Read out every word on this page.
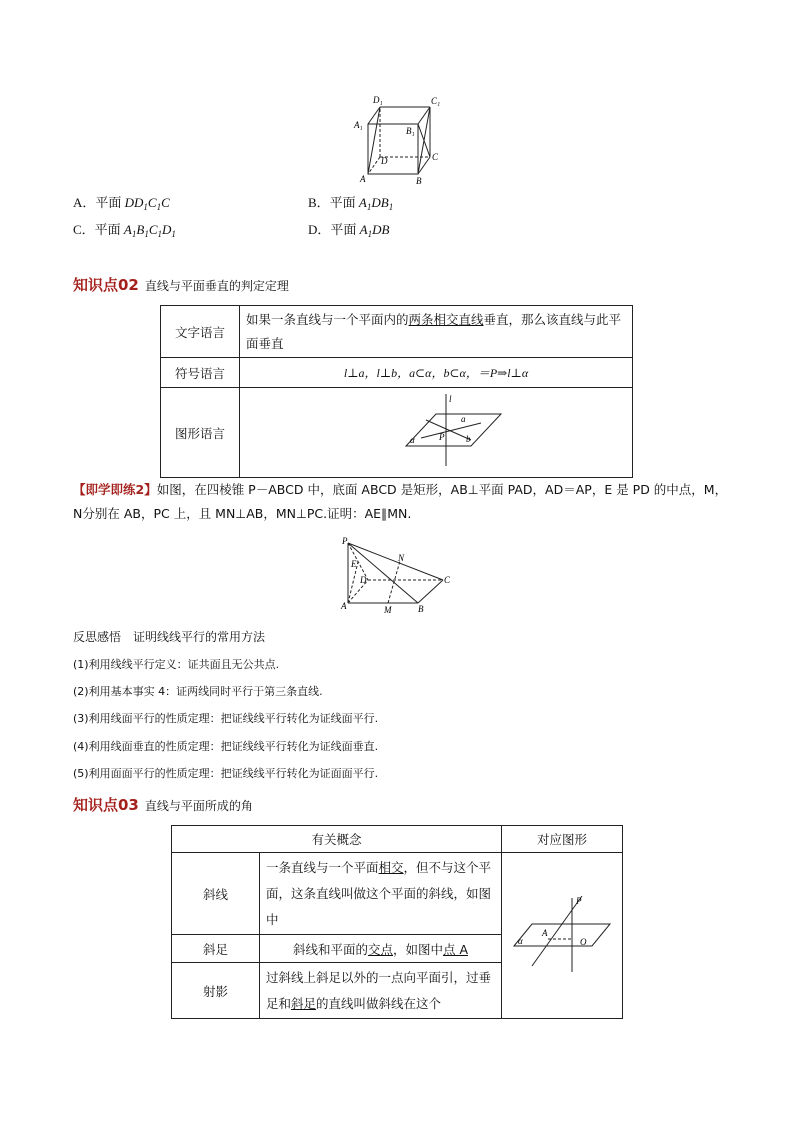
D₁	C₁
A₁
B₁
D	C
A	B
A．平面 $DD_1C_1C$	B．平面 $A_1DB_1$
C．平面 $A_1B_1C_1D_1$	D．平面 $A_1DB$
知识点02 直线与平面垂直的判定定理
文字语言	如果一条直线与一个平面内的两条相交直线垂直，那么该直线与此平面垂直
符号语言	l⊥a，l⊥b，a⊂α，b⊂α，＝P⇒l⊥α
图形语言	l
a
P b
α
【即学即练2】如图，在四棱锥 P－ABCD 中，底面 ABCD 是矩形，AB⊥平面 PAD，AD＝AP，E 是 PD 的中点，M，N分别在 AB，PC 上，且 MN⊥AB，MN⊥PC.证明：AE∥MN.
P
N
E
D	C
A	M	B
反思感悟　证明线线平行的常用方法
(1)利用线线平行定义：证共面且无公共点.
(2)利用基本事实 4：证两线同时平行于第三条直线.
(3)利用线面平行的性质定理：把证线线平行转化为证线面平行.
(4)利用线面垂直的性质定理：把证线线平行转化为证线面垂直.
(5)利用面面平行的性质定理：把证线线平行转化为证面面平行.
知识点03 直线与平面所成的角
有关概念		对应图形
斜线	一条直线与一个平面相交，但不与这个平面，这条直线叫做这个平面的斜线，如图中	P
A
O
α

斜足	斜线和平面的交点，如图中点 A	
射影	过斜线上斜足以外的一点向平面引，过垂足和斜足的直线叫做斜线在这个	
